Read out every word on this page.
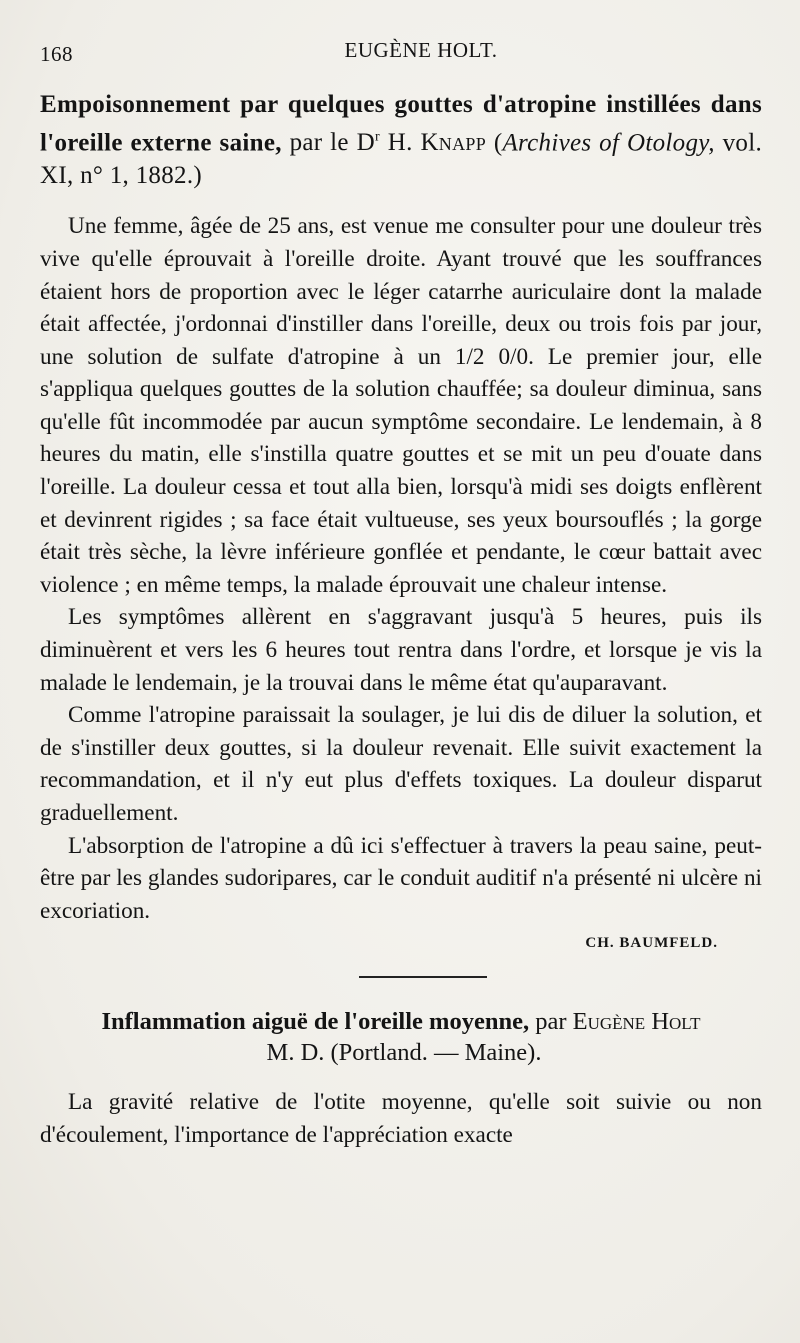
168	EUGÈNE HOLT.
Empoisonnement par quelques gouttes d'atropine instillées dans l'oreille externe saine, par le $D^r$ H. Knapp (Archives of Otology, vol. XI, n° 1, 1882.)

Une femme, âgée de 25 ans, est venue me consulter pour une douleur très vive qu'elle éprouvait à l'oreille droite. Ayant trouvé que les souffrances étaient hors de proportion avec le léger catarrhe auriculaire dont la malade était affectée, j'ordonnai d'instiller dans l'oreille, deux ou trois fois par jour, une solution de sulfate d'atropine à un 1/2 0/0. Le premier jour, elle s'appliqua quelques gouttes de la solution chauffée; sa douleur diminua, sans qu'elle fût incommodée par aucun symptôme secondaire. Le lendemain, à 8 heures du matin, elle s'instilla quatre gouttes et se mit un peu d'ouate dans l'oreille. La douleur cessa et tout alla bien, lorsqu'à midi ses doigts enflèrent et devinrent rigides ; sa face était vultueuse, ses yeux boursouflés ; la gorge était très sèche, la lèvre inférieure gonflée et pendante, le cœur battait avec violence ; en même temps, la malade éprouvait une chaleur intense.

Les symptômes allèrent en s'aggravant jusqu'à 5 heures, puis ils diminuèrent et vers les 6 heures tout rentra dans l'ordre, et lorsque je vis la malade le lendemain, je la trouvai dans le même état qu'auparavant.

Comme l'atropine paraissait la soulager, je lui dis de diluer la solution, et de s'instiller deux gouttes, si la douleur revenait. Elle suivit exactement la recommandation, et il n'y eut plus d'effets toxiques. La douleur disparut graduellement.

L'absorption de l'atropine a dû ici s'effectuer à travers la peau saine, peut-être par les glandes sudoripares, car le conduit auditif n'a présenté ni ulcère ni excoriation.

CH. BAUMFELD.
Inflammation aiguë de l'oreille moyenne, par Eugène Holt
M. D. (Portland. — Maine).

La gravité relative de l'otite moyenne, qu'elle soit suivie ou non d'écoulement, l'importance de l'appréciation exacte
